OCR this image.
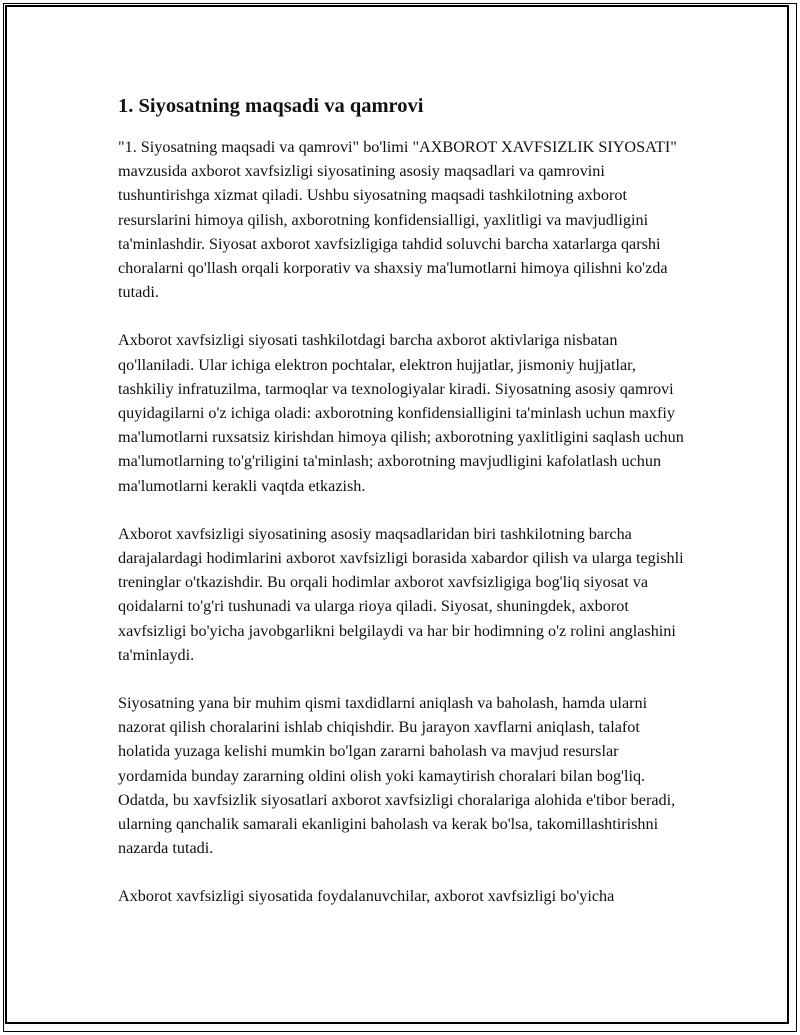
1. Siyosatning maqsadi va qamrovi

"1. Siyosatning maqsadi va qamrovi" bo'limi "AXBOROT XAVFSIZLIK SIYOSATI" mavzusida axborot xavfsizligi siyosatining asosiy maqsadlari va qamrovini tushuntirishga xizmat qiladi. Ushbu siyosatning maqsadi tashkilotning axborot resurslarini himoya qilish, axborotning konfidensialligi, yaxlitligi va mavjudligini ta'minlashdir. Siyosat axborot xavfsizligiga tahdid soluvchi barcha xatarlarga qarshi choralarni qo'llash orqali korporativ va shaxsiy ma'lumotlarni himoya qilishni ko'zda tutadi.

Axborot xavfsizligi siyosati tashkilotdagi barcha axborot aktivlariga nisbatan qo'llaniladi. Ular ichiga elektron pochtalar, elektron hujjatlar, jismoniy hujjatlar, tashkiliy infratuzilma, tarmoqlar va texnologiyalar kiradi. Siyosatning asosiy qamrovi quyidagilarni o'z ichiga oladi: axborotning konfidensialligini ta'minlash uchun maxfiy ma'lumotlarni ruxsatsiz kirishdan himoya qilish; axborotning yaxlitligini saqlash uchun ma'lumotlarning to'g'riligini ta'minlash; axborotning mavjudligini kafolatlash uchun ma'lumotlarni kerakli vaqtda etkazish.

Axborot xavfsizligi siyosatining asosiy maqsadlaridan biri tashkilotning barcha darajalardagi hodimlarini axborot xavfsizligi borasida xabardor qilish va ularga tegishli treninglar o'tkazishdir. Bu orqali hodimlar axborot xavfsizligiga bog'liq siyosat va qoidalarni to'g'ri tushunadi va ularga rioya qiladi. Siyosat, shuningdek, axborot xavfsizligi bo'yicha javobgarlikni belgilaydi va har bir hodimning o'z rolini anglashini ta'minlaydi.

Siyosatning yana bir muhim qismi taxdidlarni aniqlash va baholash, hamda ularni nazorat qilish choralarini ishlab chiqishdir. Bu jarayon xavflarni aniqlash, talafot holatida yuzaga kelishi mumkin bo'lgan zararni baholash va mavjud resurslar yordamida bunday zararning oldini olish yoki kamaytirish choralari bilan bog'liq. Odatda, bu xavfsizlik siyosatlari axborot xavfsizligi choralariga alohida e'tibor beradi, ularning qanchalik samarali ekanligini baholash va kerak bo'lsa, takomillashtirishni nazarda tutadi.

Axborot xavfsizligi siyosatida foydalanuvchilar, axborot xavfsizligi bo'yicha
